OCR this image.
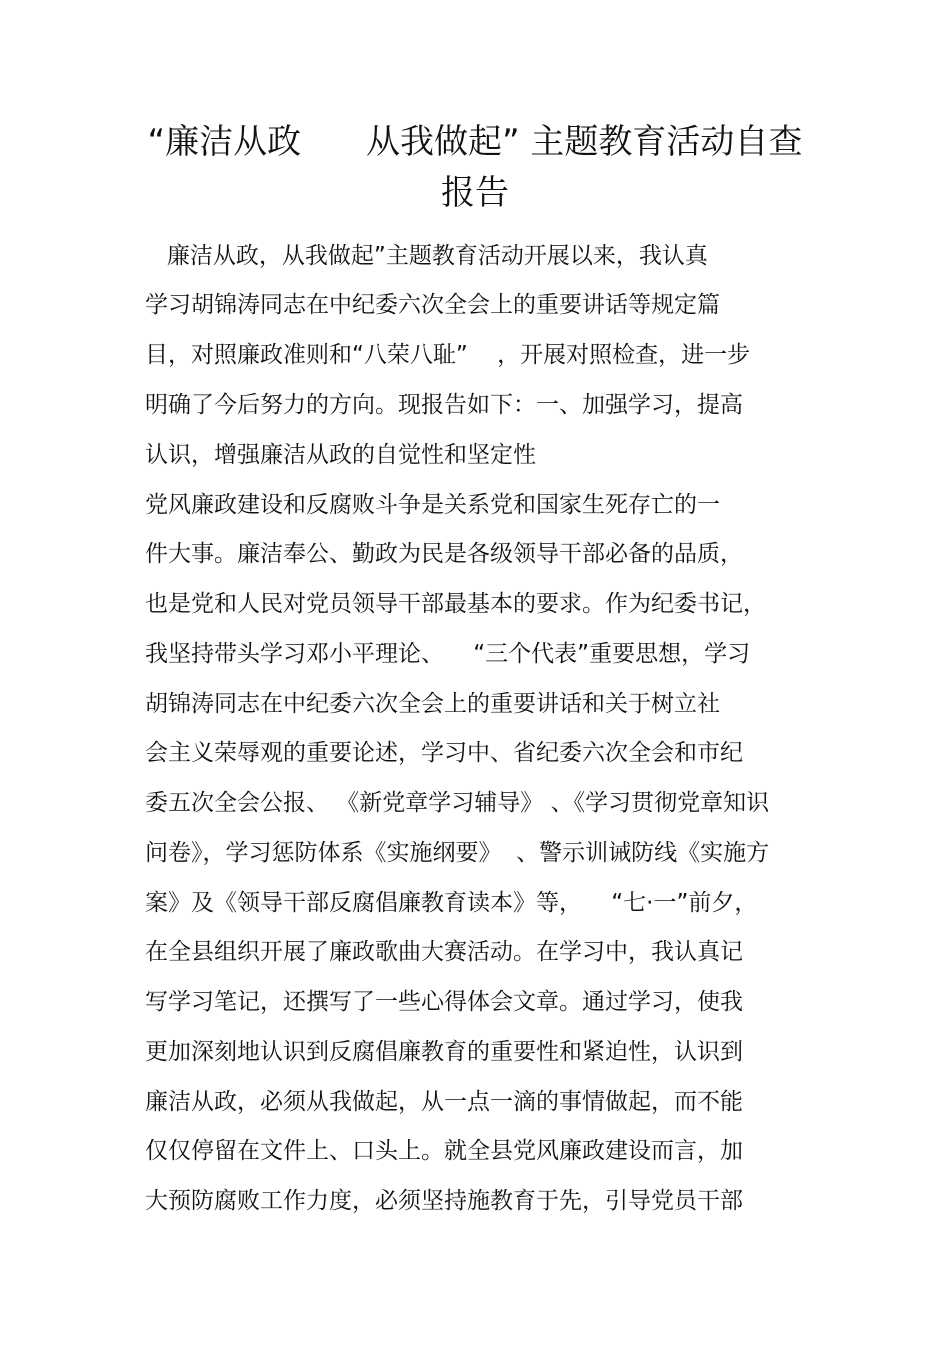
“廉洁从政      从我做起” 主题教育活动自查
报告

廉洁从政，从我做起”主题教育活动开展以来，我认真

学习胡锦涛同志在中纪委六次全会上的重要讲话等规定篇

目，对照廉政准则和“八荣八耻”    ，开展对照检查，进一步

明确了今后努力的方向。现报告如下：一、加强学习，提高

认识，增强廉洁从政的自觉性和坚定性

党风廉政建设和反腐败斗争是关系党和国家生死存亡的一

件大事。廉洁奉公、勤政为民是各级领导干部必备的品质，

也是党和人民对党员领导干部最基本的要求。作为纪委书记，

我坚持带头学习邓小平理论、    “三个代表”重要思想，学习

胡锦涛同志在中纪委六次全会上的重要讲话和关于树立社

会主义荣辱观的重要论述，学习中、省纪委六次全会和市纪

委五次全会公报、 《新党章学习辅导》 、《学习贯彻党章知识

问卷》，学习惩防体系《实施纲要》  、警示训诫防线《实施方

案》及《领导干部反腐倡廉教育读本》等，    “七·一”前夕，

在全县组织开展了廉政歌曲大赛活动。在学习中，我认真记

写学习笔记，还撰写了一些心得体会文章。通过学习，使我

更加深刻地认识到反腐倡廉教育的重要性和紧迫性，认识到

廉洁从政，必须从我做起，从一点一滴的事情做起，而不能

仅仅停留在文件上、口头上。就全县党风廉政建设而言，加

大预防腐败工作力度，必须坚持施教育于先，引导党员干部
